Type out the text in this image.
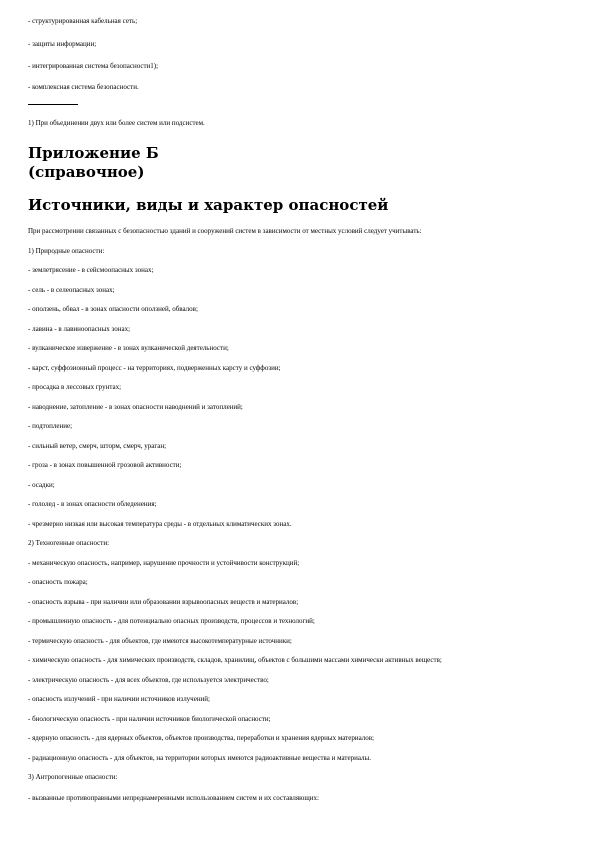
- структурированная кабельная сеть;
- защиты информации;
- интегрированная система безопасности1);
- комплексная система безопасности.
1) При объединении двух или более систем или подсистем.
Приложение Б
(справочное)
Источники, виды и характер опасностей
При рассмотрении связанных с безопасностью зданий и сооружений систем в зависимости от местных условий следует учитывать:
1) Природные опасности:
- землетрясение - в сейсмоопасных зонах;
- сель - в селеопасных зонах;
- оползень, обвал - в зонах опасности оползней, обвалов;
- лавина - в лавиноопасных зонах;
- вулканическое извержение - в зонах вулканической деятельности;
- карст, суффозионный процесс - на территориях, подверженных карсту и суффозии;
- просадка в лессовых грунтах;
- наводнение, затопление - в зонах опасности наводнений и затоплений;
- подтопление;
- сильный ветер, смерч, шторм, смерч, ураган;
- гроза - в зонах повышенной грозовой активности;
- осадки;
- гололед - в зонах опасности обледенения;
- чрезмерно низкая или высокая температура среды - в отдельных климатических зонах.
2) Техногенные опасности:
- механическую опасность, например, нарушение прочности и устойчивости конструкций;
- опасность пожара;
- опасность взрыва - при наличии или образовании взрывоопасных веществ и материалов;
- промышленную опасность - для потенциально опасных производств, процессов и технологий;
- термическую опасность - для объектов, где имеются высокотемпературные источники;
- химическую опасность - для химических производств, складов, хранилищ, объектов с большими массами химически активных веществ;
- электрическую опасность - для всех объектов, где используется электричество;
- опасность излучений - при наличии источников излучений;
- биологическую опасность - при наличии источников биологической опасности;
- ядерную опасность - для ядерных объектов, объектов производства, переработки и хранения ядерных материалов;
- радиационную опасность - для объектов, на территории которых имеются радиоактивные вещества и материалы.
3) Антропогенные опасности:
- вызванные противоправными непреднамеренными использованием систем и их составляющих:
